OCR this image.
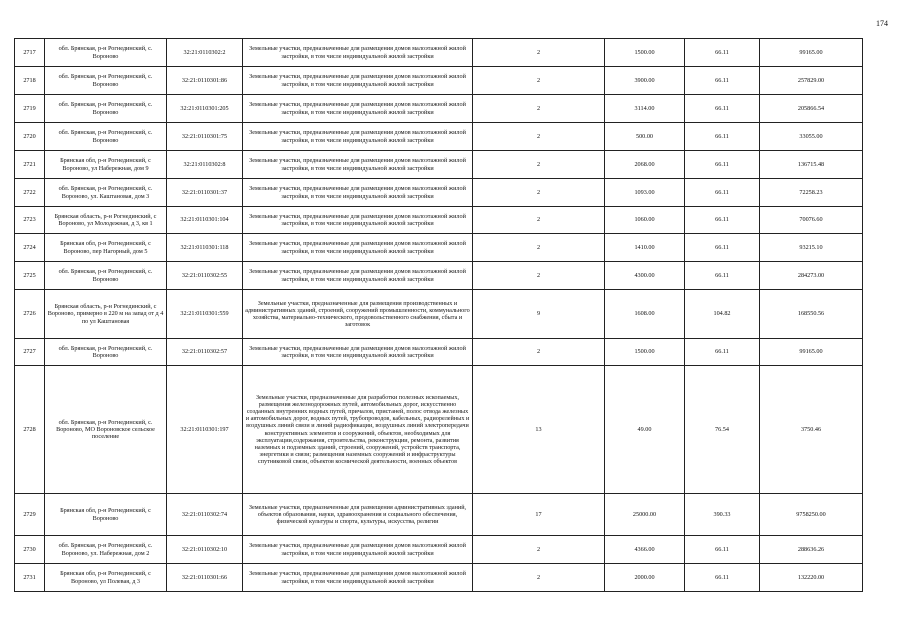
174
2717	обл. Брянская, р-н Рогнединский, с. Вороново	32:21:0110302:2	Земельные участки, предназначенные для размещения домов малоэтажной жилой застройки, в том числе индивидуальной жилой застройки	2	1500.00	66.11	99165.00
2718	обл. Брянская, р-н Рогнединский, с. Вороново	32:21:0110301:86	Земельные участки, предназначенные для размещения домов малоэтажной жилой застройки, в том числе индивидуальной жилой застройки	2	3900.00	66.11	257829.00
2719	обл. Брянская, р-н Рогнединский, с. Вороново	32:21:0110301:205	Земельные участки, предназначенные для размещения домов малоэтажной жилой застройки, в том числе индивидуальной жилой застройки	2	3114.00	66.11	205866.54
2720	обл. Брянская, р-н Рогнединский, с. Вороново	32:21:0110301:75	Земельные участки, предназначенные для размещения домов малоэтажной жилой застройки, в том числе индивидуальной жилой застройки	2	500.00	66.11	33055.00
2721	Брянская обл, р-н Рогнединский, с Вороново, ул Набережная, дом 9	32:21:0110302:8	Земельные участки, предназначенные для размещения домов малоэтажной жилой застройки, в том числе индивидуальной жилой застройки	2	2068.00	66.11	136715.48
2722	обл. Брянская, р-н Рогнединский, с. Вороново, ул. Каштановая, дом 3	32:21:0110301:37	Земельные участки, предназначенные для размещения домов малоэтажной жилой застройки, в том числе индивидуальной жилой застройки	2	1093.00	66.11	72258.23
2723	Брянская область, р-н Рогнединский, с Вороново, ул Молодежная, д 3, кв 1	32:21:0110301:104	Земельные участки, предназначенные для размещения домов малоэтажной жилой застройки, в том числе индивидуальной жилой застройки	2	1060.00	66.11	70076.60
2724	Брянская обл, р-н Рогнединский, с Вороново, пер Нагорный, дом 5	32:21:0110301:118	Земельные участки, предназначенные для размещения домов малоэтажной жилой застройки, в том числе индивидуальной жилой застройки	2	1410.00	66.11	93215.10
2725	обл. Брянская, р-н Рогнединский, с. Вороново	32:21:0110302:55	Земельные участки, предназначенные для размещения домов малоэтажной жилой застройки, в том числе индивидуальной жилой застройки	2	4300.00	66.11	284273.00
2726	Брянская область, р-н Рогнединский, с Вороново, примерно в 220 м на запад от д 4 по ул Каштановая	32:21:0110301:559	Земельные участки, предназначенные для размещения производственных и административных зданий, строений, сооружений промышленности, коммунального хозяйства, материально-технического, продовольственного снабжения, сбыта и заготовок	9	1608.00	104.82	168550.56
2727	обл. Брянская, р-н Рогнединский, с. Вороново	32:21:0110302:57	Земельные участки, предназначенные для размещения домов малоэтажной жилой застройки, в том числе индивидуальной жилой застройки	2	1500.00	66.11	99165.00
2728	обл. Брянская, р-н Рогнединский, с. Вороново, МО Вороновское сельское поселение	32:21:0110301:197	Земельные участки, предназначенные для разработки полезных ископаемых, размещения железнодорожных путей, автомобильных дорог, искусственно созданных внутренних водных путей, причалов, пристаней, полос отвода железных и автомобильных дорог, водных путей, трубопроводов, кабельных, радиорелейных и воздушных линий связи и линий радиофикации, воздушных линий электропередачи конструктивных элементов и сооружений, объектов, необходимых для эксплуатации,содержания, строительства, реконструкции, ремонта, развития наземных и подземных зданий, строений, сооружений, устройств транспорта, энергетики и связи; размещения наземных сооружений и инфраструктуры спутниковой связи, объектов космической деятельности, военных объектов	13	49.00	76.54	3750.46
2729	Брянская обл, р-н Рогнединский, с Вороново	32:21:0110302:74	Земельные участки, предназначенные для размещения административных зданий, объектов образования, науки, здравоохранения и социального обеспечения, физической культуры и спорта, культуры, искусства, религии	17	25000.00	390.33	9758250.00
2730	обл. Брянская, р-н Рогнединский, с. Вороново, ул. Набережная, дом 2	32:21:0110302:10	Земельные участки, предназначенные для размещения домов малоэтажной жилой застройки, в том числе индивидуальной жилой застройки	2	4366.00	66.11	288636.26
2731	Брянская обл, р-н Рогнединский, с Вороново, ул Полевая, д 3	32:21:0110301:66	Земельные участки, предназначенные для размещения домов малоэтажной жилой застройки, в том числе индивидуальной жилой застройки	2	2000.00	66.11	132220.00
